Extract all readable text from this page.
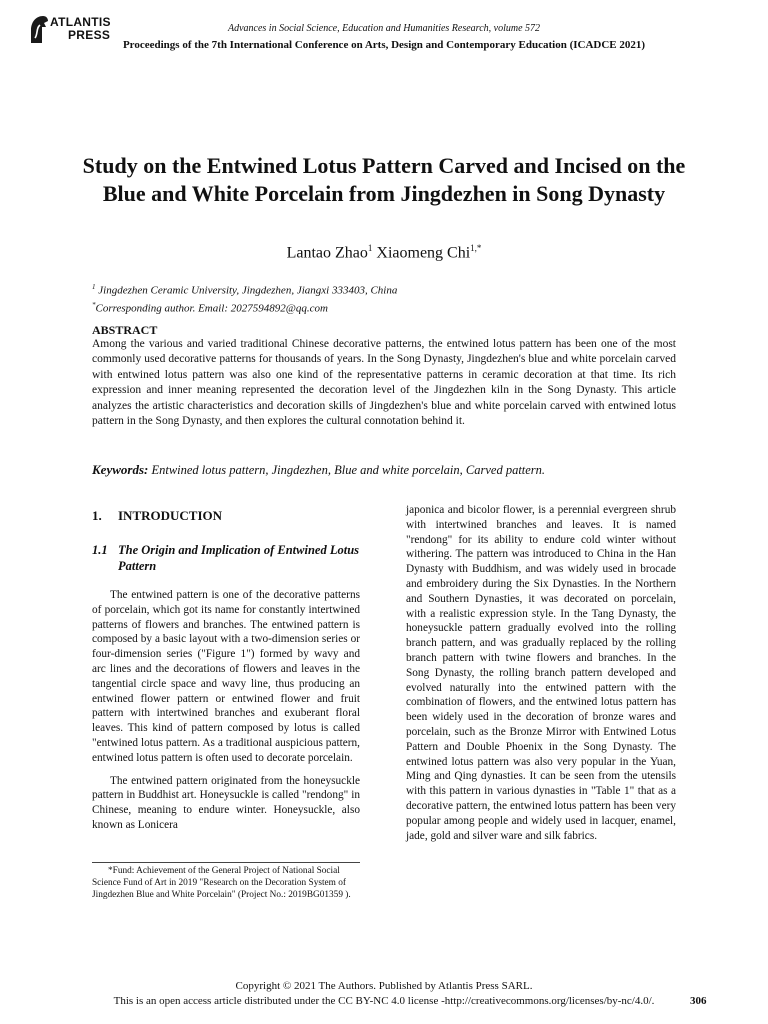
ATLANTIS
PRESS	Advances in Social Science, Education and Humanities Research, volume 572
Proceedings of the 7th International Conference on Arts, Design and Contemporary Education (ICADCE 2021)
Study on the Entwined Lotus Pattern Carved and Incised on the Blue and White Porcelain from Jingdezhen in Song Dynasty
Lantao Zhao$^1$ Xiaomeng Chi$^{1,*}$
$^1$ Jingdezhen Ceramic University, Jingdezhen, Jiangxi 333403, China
*Corresponding author. Email: 2027594892@qq.com
ABSTRACT

Among the various and varied traditional Chinese decorative patterns, the entwined lotus pattern has been one of the most commonly used decorative patterns for thousands of years. In the Song Dynasty, Jingdezhen's blue and white porcelain carved with entwined lotus pattern was also one kind of the representative patterns in ceramic decoration at that time. Its rich expression and inner meaning represented the decoration level of the Jingdezhen kiln in the Song Dynasty. This article analyzes the artistic characteristics and decoration skills of Jingdezhen's blue and white porcelain carved with entwined lotus pattern in the Song Dynasty, and then explores the cultural connotation behind it.

Keywords: Entwined lotus pattern, Jingdezhen, Blue and white porcelain, Carved pattern.
1. INTRODUCTION
1.1 The Origin and Implication of Entwined Lotus Pattern

The entwined pattern is one of the decorative patterns of porcelain, which got its name for constantly intertwined patterns of flowers and branches. The entwined pattern is composed by a basic layout with a two-dimension series or four-dimension series ("Figure 1") formed by wavy and arc lines and the decorations of flowers and leaves in the tangential circle space and wavy line, thus producing an entwined flower pattern or entwined flower and fruit pattern with intertwined branches and exuberant floral leaves. This kind of pattern composed by lotus is called "entwined lotus pattern. As a traditional auspicious pattern, entwined lotus pattern is often used to decorate porcelain.

The entwined pattern originated from the honeysuckle pattern in Buddhist art. Honeysuckle is called "rendong" in Chinese, meaning to endure winter. Honeysuckle, also known as Lonicera

japonica and bicolor flower, is a perennial evergreen shrub with intertwined branches and leaves. It is named "rendong" for its ability to endure cold winter without withering. The pattern was introduced to China in the Han Dynasty with Buddhism, and was widely used in brocade and embroidery during the Six Dynasties. In the Northern and Southern Dynasties, it was decorated on porcelain, with a realistic expression style. In the Tang Dynasty, the honeysuckle pattern gradually evolved into the rolling branch pattern, and was gradually replaced by the rolling branch pattern with twine flowers and branches. In the Song Dynasty, the rolling branch pattern developed and evolved naturally into the entwined pattern with the combination of flowers, and the entwined lotus pattern has been widely used in the decoration of bronze wares and porcelain, such as the Bronze Mirror with Entwined Lotus Pattern and Double Phoenix in the Song Dynasty. The entwined lotus pattern was also very popular in the Yuan, Ming and Qing dynasties. It can be seen from the utensils with this pattern in various dynasties in "Table 1" that as a decorative pattern, the entwined lotus pattern has been very popular among people and widely used in lacquer, enamel, jade, gold and silver ware and silk fabrics.

*Fund: Achievement of the General Project of National Social Science Fund of Art in 2019 "Research on the Decoration System of Jingdezhen Blue and White Porcelain" (Project No.: 2019BG01359 ).

Copyright © 2021 The Authors. Published by Atlantis Press SARL.
This is an open access article distributed under the CC BY-NC 4.0 license -http://creativecommons.org/licenses/by-nc/4.0/.	306
